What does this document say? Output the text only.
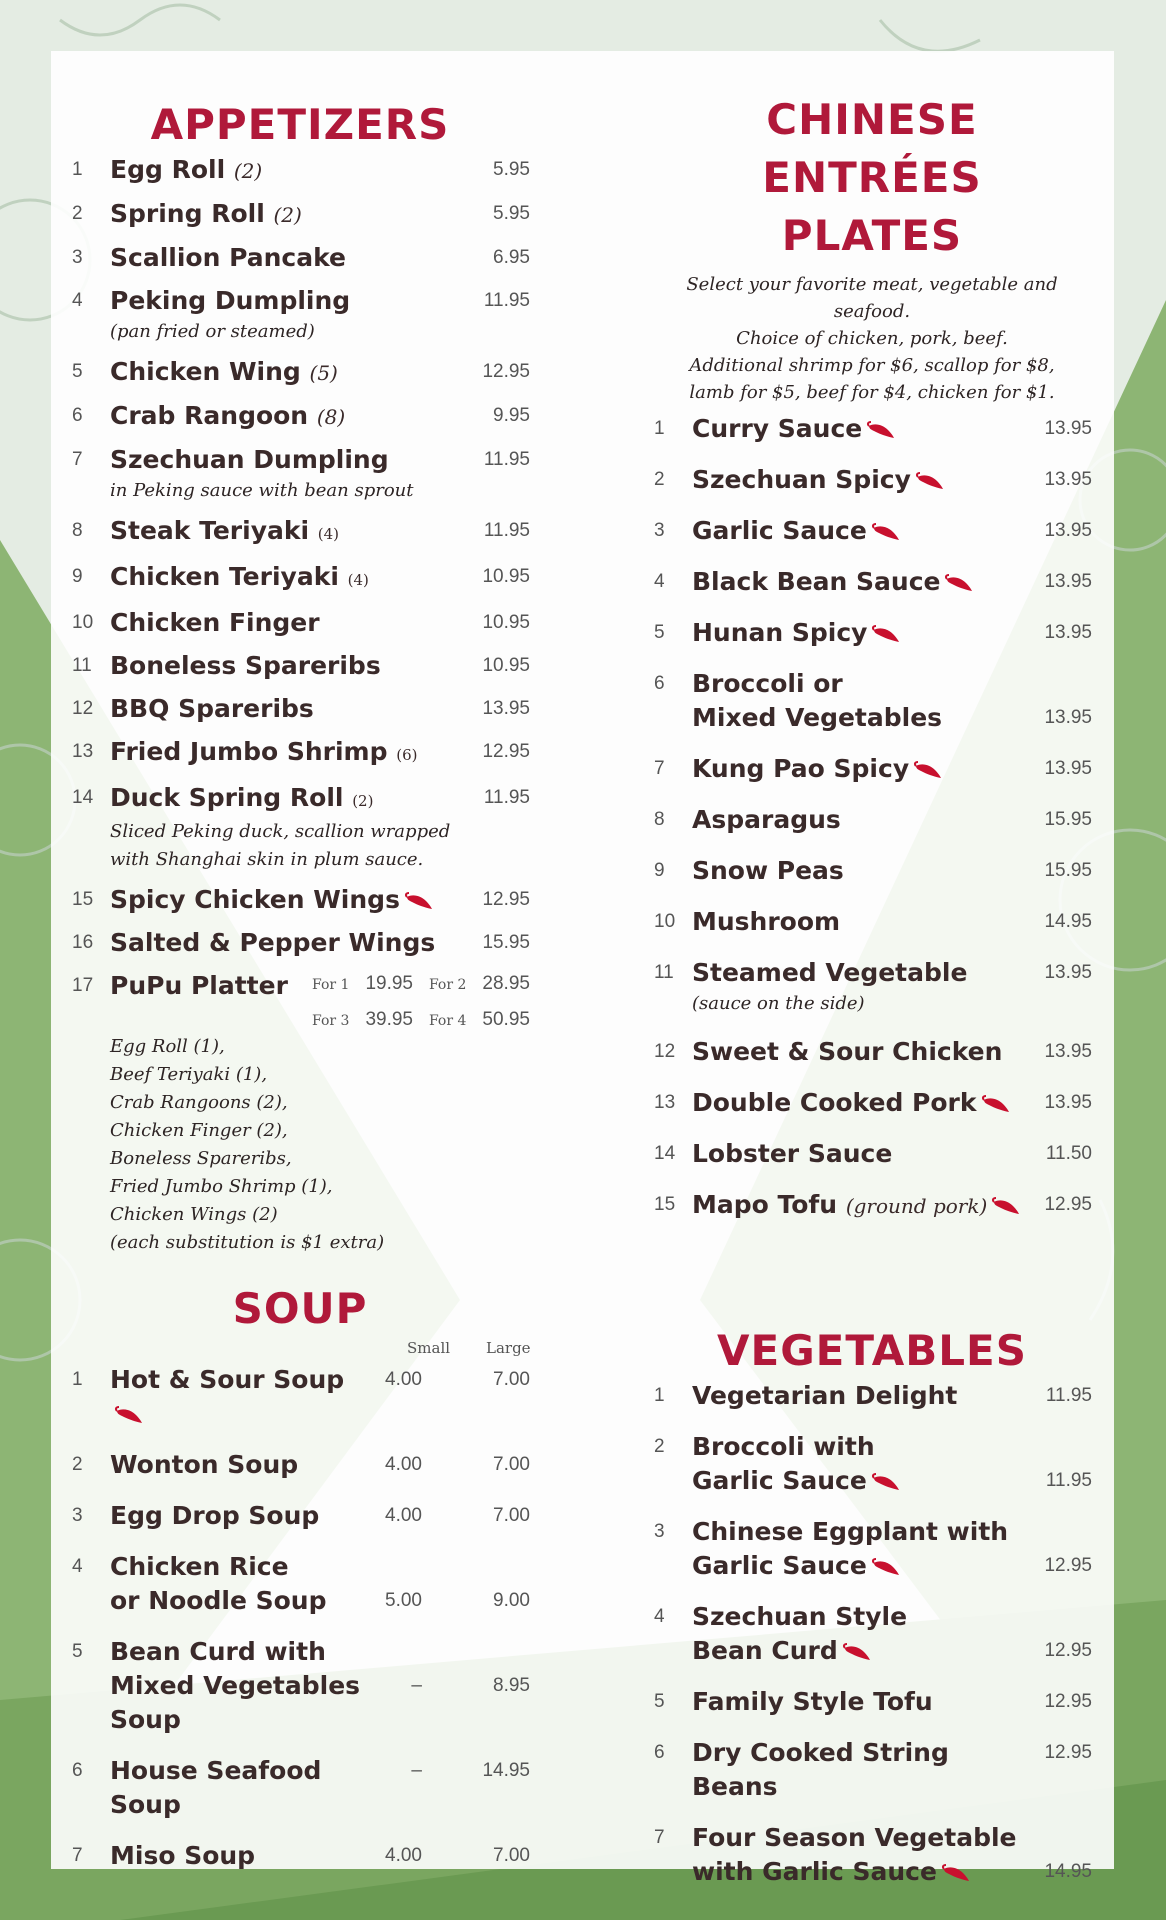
APPETIZERS
1 Egg Roll (2)	5.95
2 Spring Roll (2)	5.95
3 Scallion Pancake	6.95
4 Peking Dumpling
(pan fried or steamed)
11.95
5 Chicken Wing (5)	12.95
6 Crab Rangoon (8)	9.95
7 Szechuan Dumpling
in Peking sauce with bean sprout
11.95
8 Steak Teriyaki (4)	11.95
9 Chicken Teriyaki (4)	10.95
10 Chicken Finger	10.95
11 Boneless Spareribs	10.95
12 BBQ Spareribs	13.95
13 Fried Jumbo Shrimp (6)	12.95
14 Duck Spring Roll (2)
Sliced Peking duck, scallion wrapped with Shanghai skin in plum sauce.
11.95
15 Spicy Chicken Wings	12.95
16 Salted & Pepper Wings	15.95
17 PuPu Platter For 1 19.95 For 2 28.95
For 3 39.95 For 4 50.95
Egg Roll (1),
Beef Teriyaki (1),
Crab Rangoons (2),
Chicken Finger (2),
Boneless Spareribs,
Fried Jumbo Shrimp (1),
Chicken Wings (2)
(each substitution is $1 extra)
SOUP
Small Large
1 Hot & Sour Soup	4.00	7.00
2 Wonton Soup	4.00	7.00
3 Egg Drop Soup	4.00	7.00
4 Chicken Rice
or Noodle Soup	5.00	9.00
5 Bean Curd with
Mixed Vegetables Soup
–	8.95
6 House Seafood Soup
–	14.95
7 Miso Soup	4.00	7.00
CHINESE ENTRÉES
PLATES
Select your favorite meat, vegetable and seafood.
Choice of chicken, pork, beef.
Additional shrimp for $6, scallop for $8,
lamb for $5, beef for $4, chicken for $1.
1 Curry Sauce	13.95
2 Szechuan Spicy	13.95
3 Garlic Sauce	13.95
4 Black Bean Sauce	13.95
5 Hunan Spicy	13.95
6 Broccoli or
Mixed Vegetables	13.95
7 Kung Pao Spicy	13.95
8 Asparagus	15.95
9 Snow Peas	15.95
10 Mushroom	14.95
11 Steamed Vegetable
(sauce on the side)
13.95
12 Sweet & Sour Chicken	13.95
13 Double Cooked Pork	13.95
14 Lobster Sauce	11.50
15 Mapo Tofu (ground pork)	12.95
VEGETABLES
1 Vegetarian Delight	11.95
2 Broccoli with
Garlic Sauce	11.95
3 Chinese Eggplant with
Garlic Sauce	12.95
4 Szechuan Style
Bean Curd	12.95
5 Family Style Tofu	12.95
6 Dry Cooked String Beans
12.95
7 Four Season Vegetable
with Garlic Sauce	14.95
